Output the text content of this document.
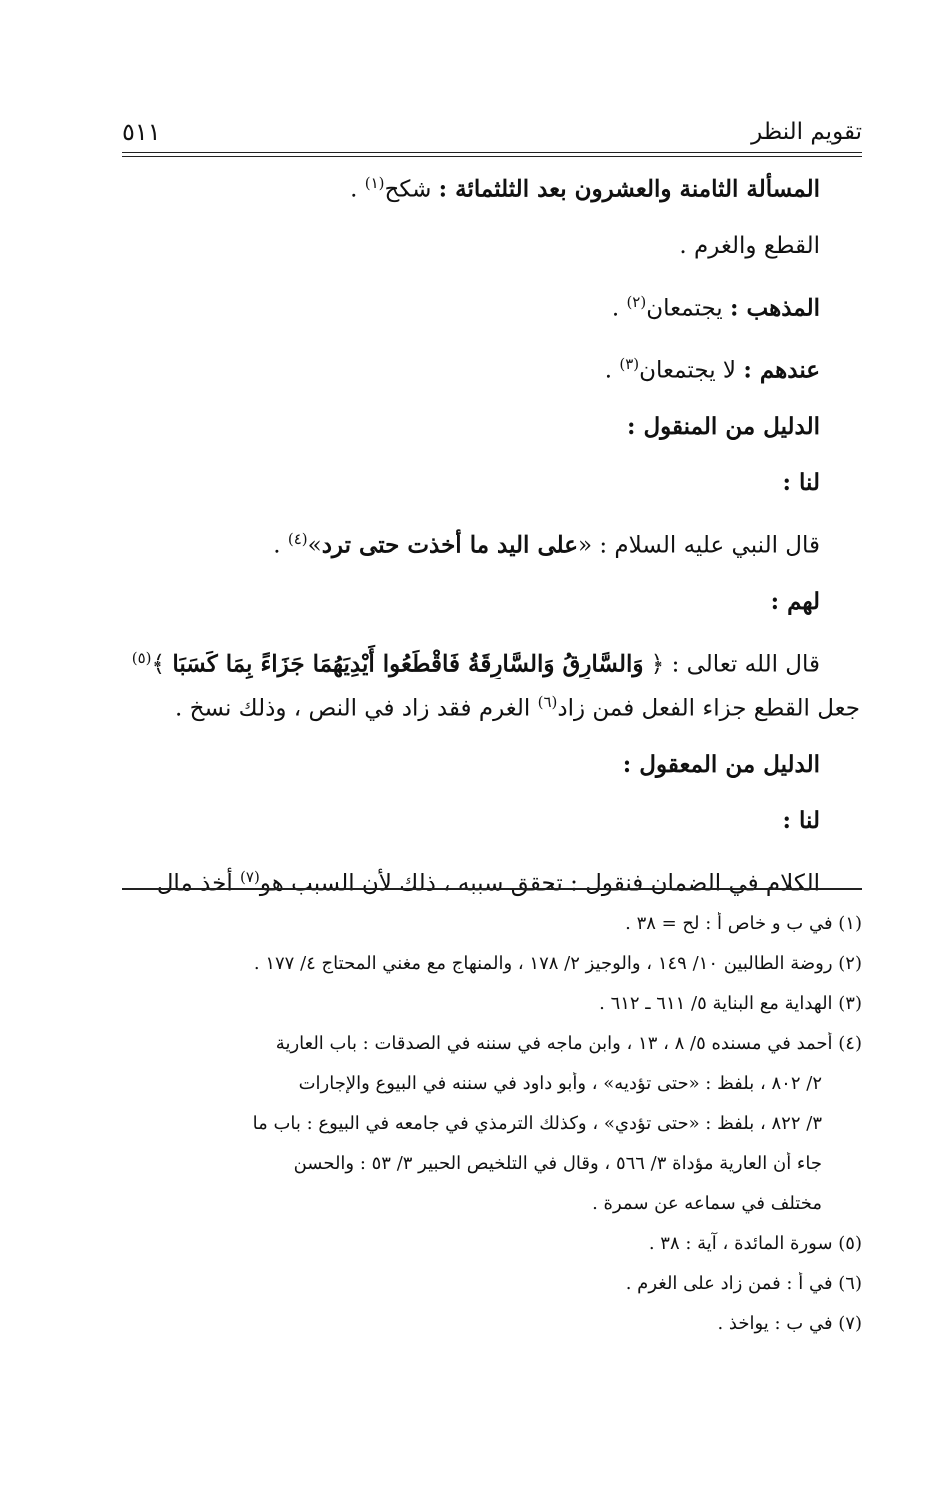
٥١١	تقويم النظر
المسألة الثامنة والعشرون بعد الثلثمائة : شكح$^{(١)}$ .
القطع والغرم .
المذهب : يجتمعان$^{(٢)}$ .
عندهم : لا يجتمعان$^{(٣)}$ .
الدليل من المنقول :
لنا :
قال النبي عليه السلام : «على اليد ما أخذت حتى ترد»$^{(٤)}$ .
لهم :
قال الله تعالى : ﴿ وَالسَّارِقُ وَالسَّارِقَةُ فَاقْطَعُوا أَيْدِيَهُمَا جَزَاءً بِمَا كَسَبَا ﴾$^{(٥)}$
جعل القطع جزاء الفعل فمن زاد$^{(٦)}$ الغرم فقد زاد في النص ، وذلك نسخ .
الدليل من المعقول :
لنا :
الكلام في الضمان فنقول : تحقق سببه ، ذلك لأن السبب هو$^{(٧)}$ أخذ مال
(١) في ب و خاص أ : لح = ٣٨ .
(٢) روضة الطالبين ١٠/ ١٤٩ ، والوجيز ٢/ ١٧٨ ، والمنهاج مع مغني المحتاج ٤/ ١٧٧ .
(٣) الهداية مع البناية ٥/ ٦١١ ـ ٦١٢ .
(٤) أحمد في مسنده ٥/ ٨ ، ١٣ ، وابن ماجه في سننه في الصدقات : باب العارية
٢/ ٨٠٢ ، بلفظ : «حتى تؤديه» ، وأبو داود في سننه في البيوع والإجارات
٣/ ٨٢٢ ، بلفظ : «حتى تؤدي» ، وكذلك الترمذي في جامعه في البيوع : باب ما
جاء أن العارية مؤداة ٣/ ٥٦٦ ، وقال في التلخيص الحبير ٣/ ٥٣ : والحسن
مختلف في سماعه عن سمرة .
(٥) سورة المائدة ، آية : ٣٨ .
(٦) في أ : فمن زاد على الغرم .
(٧) في ب : يواخذ .
